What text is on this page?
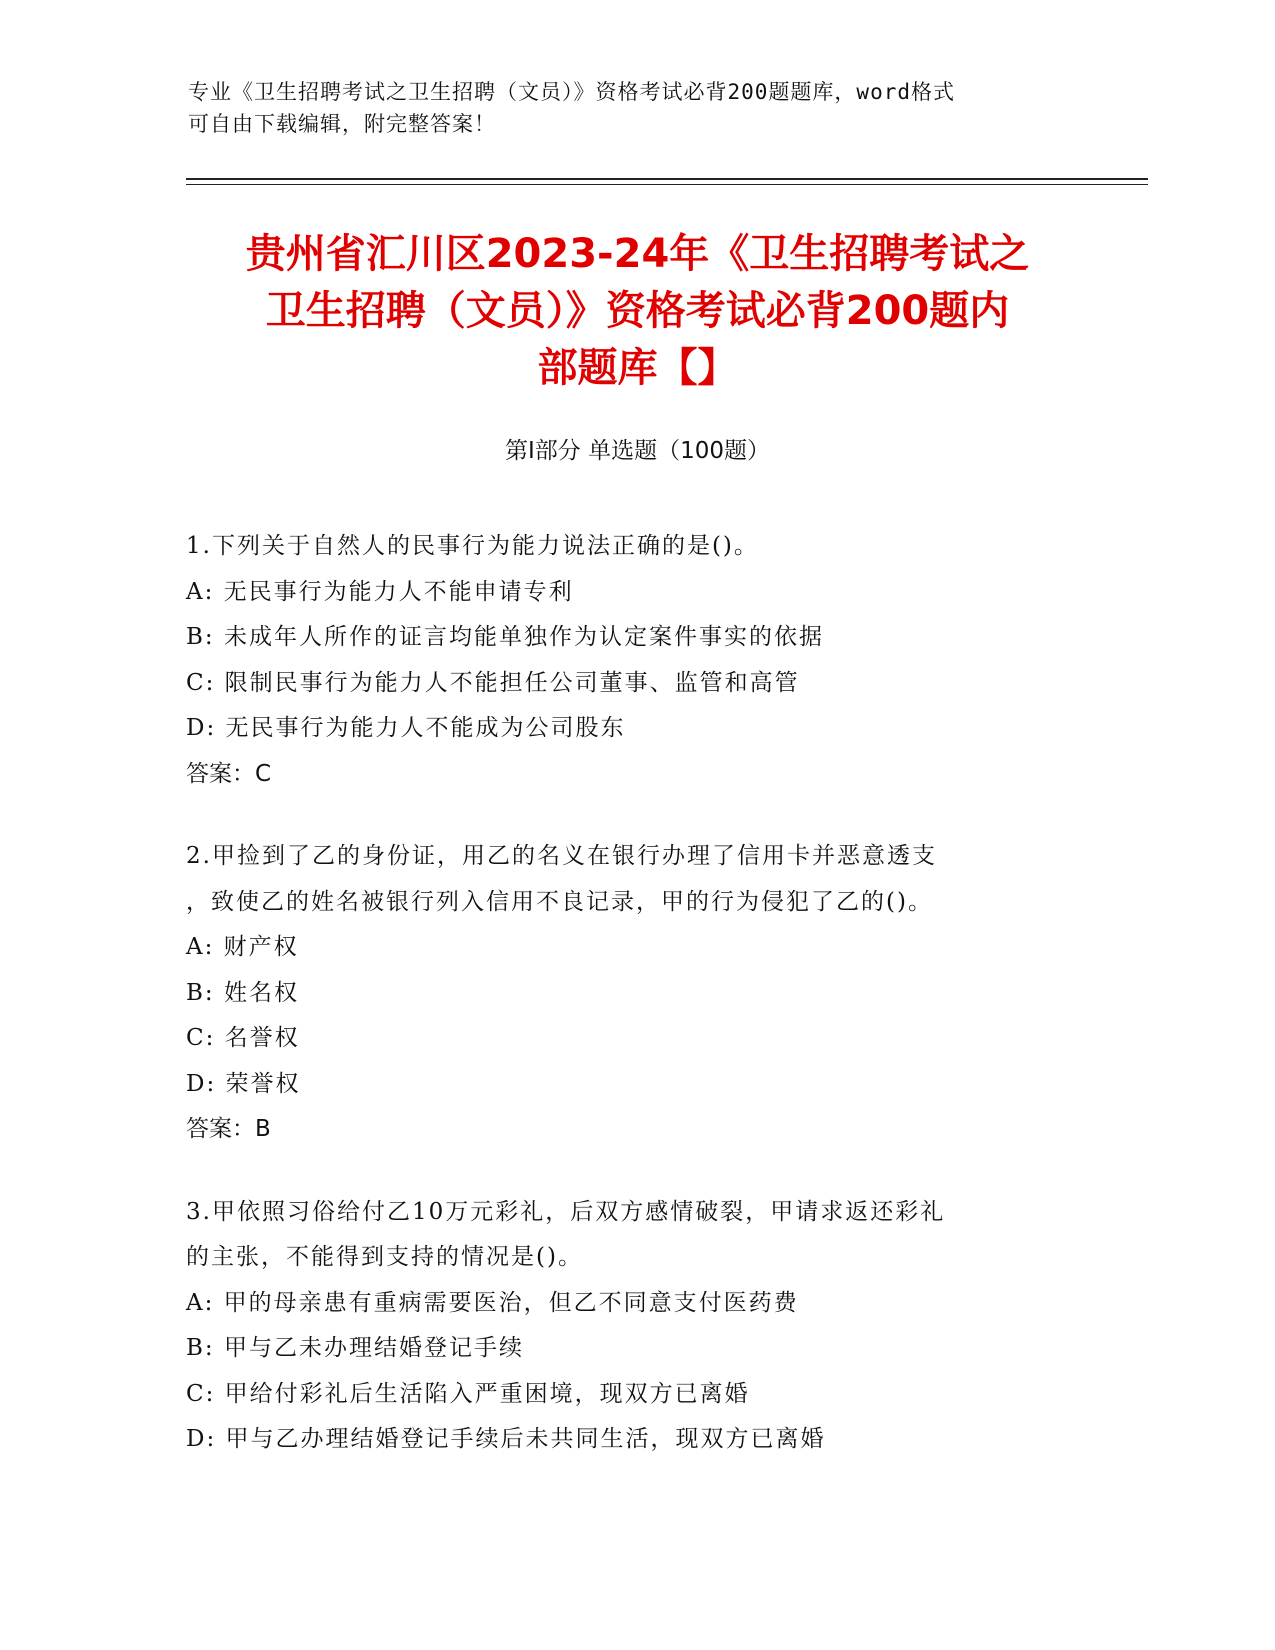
专业《卫生招聘考试之卫生招聘（文员）》资格考试必背200题题库，word格式
可自由下载编辑，附完整答案！
贵州省汇川区2023-24年《卫生招聘考试之
卫生招聘（文员）》资格考试必背200题内
部题库【】
第I部分 单选题（100题）
1.下列关于自然人的民事行为能力说法正确的是()。
A: 无民事行为能力人不能申请专利
B: 未成年人所作的证言均能单独作为认定案件事实的依据
C: 限制民事行为能力人不能担任公司董事、监管和高管
D: 无民事行为能力人不能成为公司股东
答案：C
2.甲捡到了乙的身份证，用乙的名义在银行办理了信用卡并恶意透支
，致使乙的姓名被银行列入信用不良记录，甲的行为侵犯了乙的()。
A: 财产权
B: 姓名权
C: 名誉权
D: 荣誉权
答案：B
3.甲依照习俗给付乙10万元彩礼，后双方感情破裂，甲请求返还彩礼
的主张，不能得到支持的情况是()。
A: 甲的母亲患有重病需要医治，但乙不同意支付医药费
B: 甲与乙未办理结婚登记手续
C: 甲给付彩礼后生活陷入严重困境，现双方已离婚
D: 甲与乙办理结婚登记手续后未共同生活，现双方已离婚
